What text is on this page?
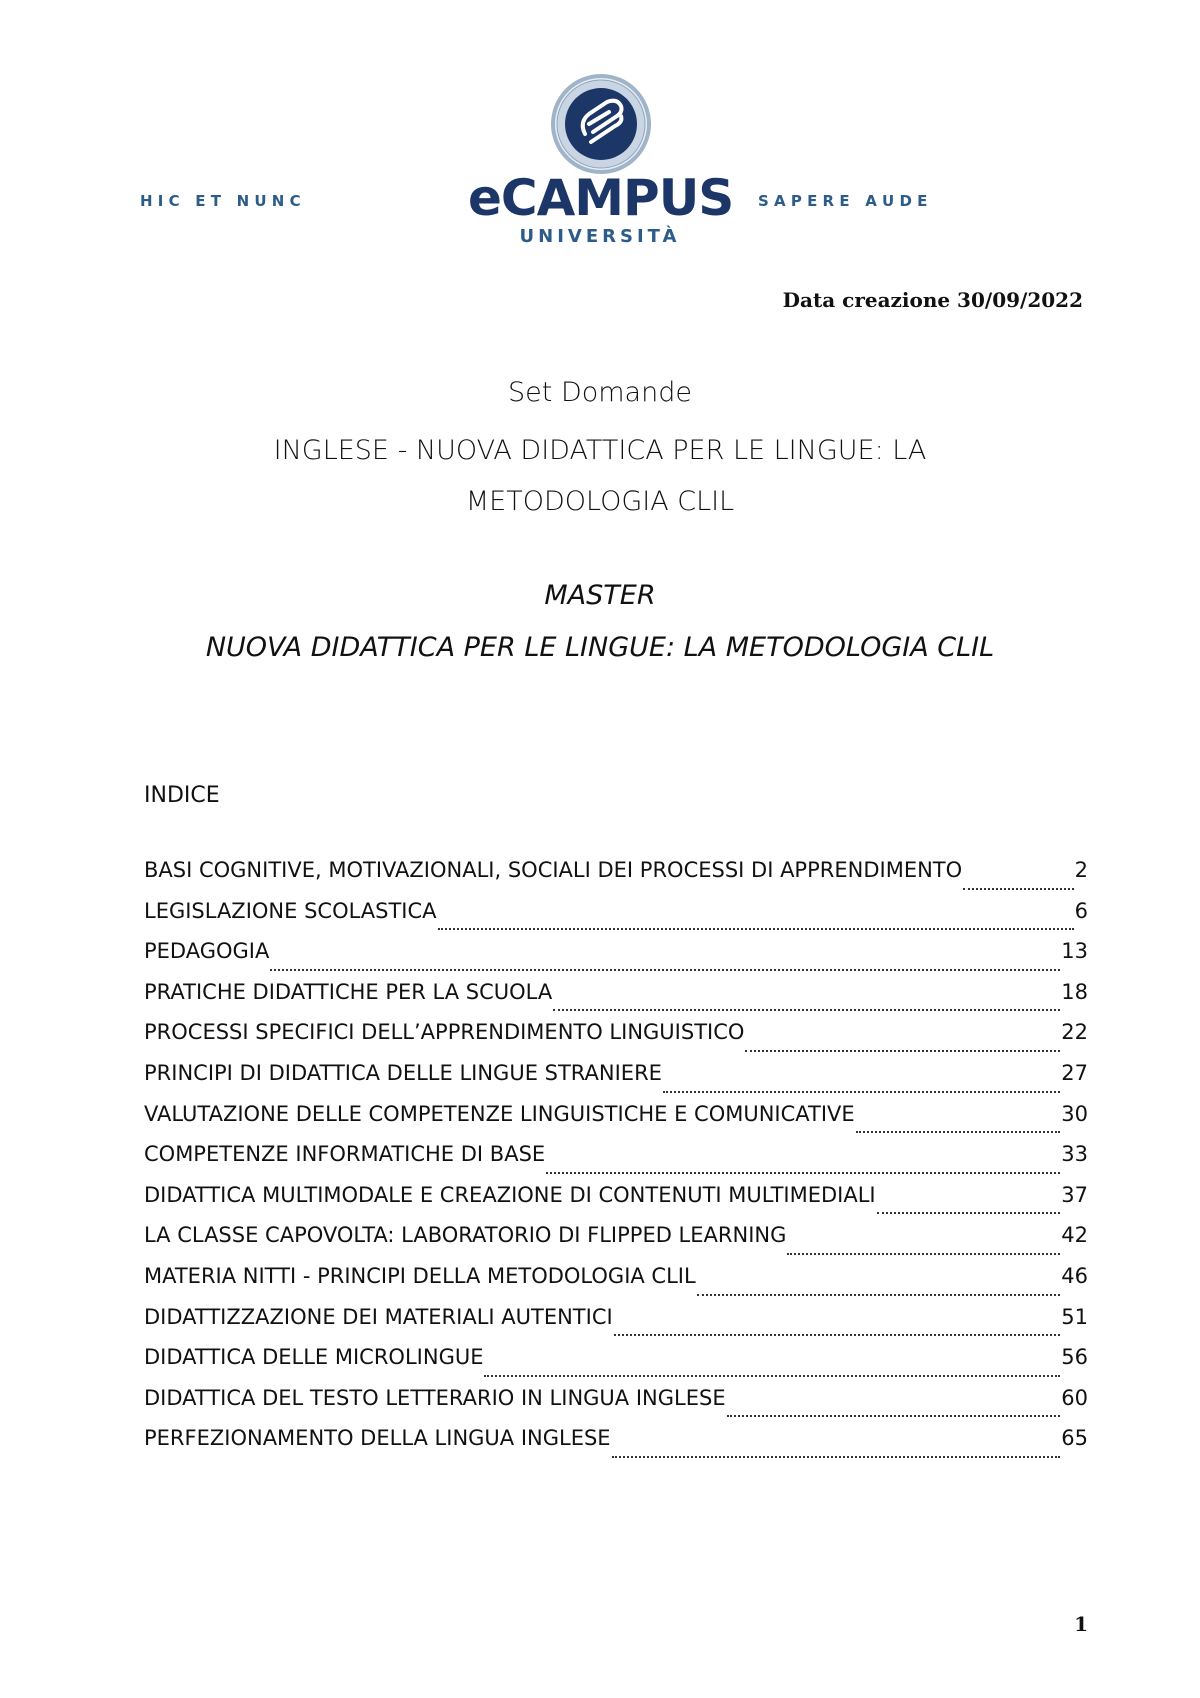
H I C   E T   N U N C	eCAMPUS
UNIVERSITÀ
S A P E R E   A U D E
Data creazione 30/09/2022
Set Domande
INGLESE - NUOVA DIDATTICA PER LE LINGUE: LA
METODOLOGIA CLIL
MASTER
NUOVA DIDATTICA PER LE LINGUE: LA METODOLOGIA CLIL
INDICE
BASI COGNITIVE, MOTIVAZIONALI, SOCIALI DEI PROCESSI DI APPRENDIMENTO	2
LEGISLAZIONE SCOLASTICA	6
PEDAGOGIA	13
PRATICHE DIDATTICHE PER LA SCUOLA	18
PROCESSI SPECIFICI DELL’APPRENDIMENTO LINGUISTICO	22
PRINCIPI DI DIDATTICA DELLE LINGUE STRANIERE	27
VALUTAZIONE DELLE COMPETENZE LINGUISTICHE E COMUNICATIVE	30
COMPETENZE INFORMATICHE DI BASE	33
DIDATTICA MULTIMODALE E CREAZIONE DI CONTENUTI MULTIMEDIALI	37
LA CLASSE CAPOVOLTA: LABORATORIO DI FLIPPED LEARNING	42
MATERIA NITTI - PRINCIPI DELLA METODOLOGIA CLIL	46
DIDATTIZZAZIONE DEI MATERIALI AUTENTICI	51
DIDATTICA DELLE MICROLINGUE	56
DIDATTICA DEL TESTO LETTERARIO IN LINGUA INGLESE	60
PERFEZIONAMENTO DELLA LINGUA INGLESE	65
1
